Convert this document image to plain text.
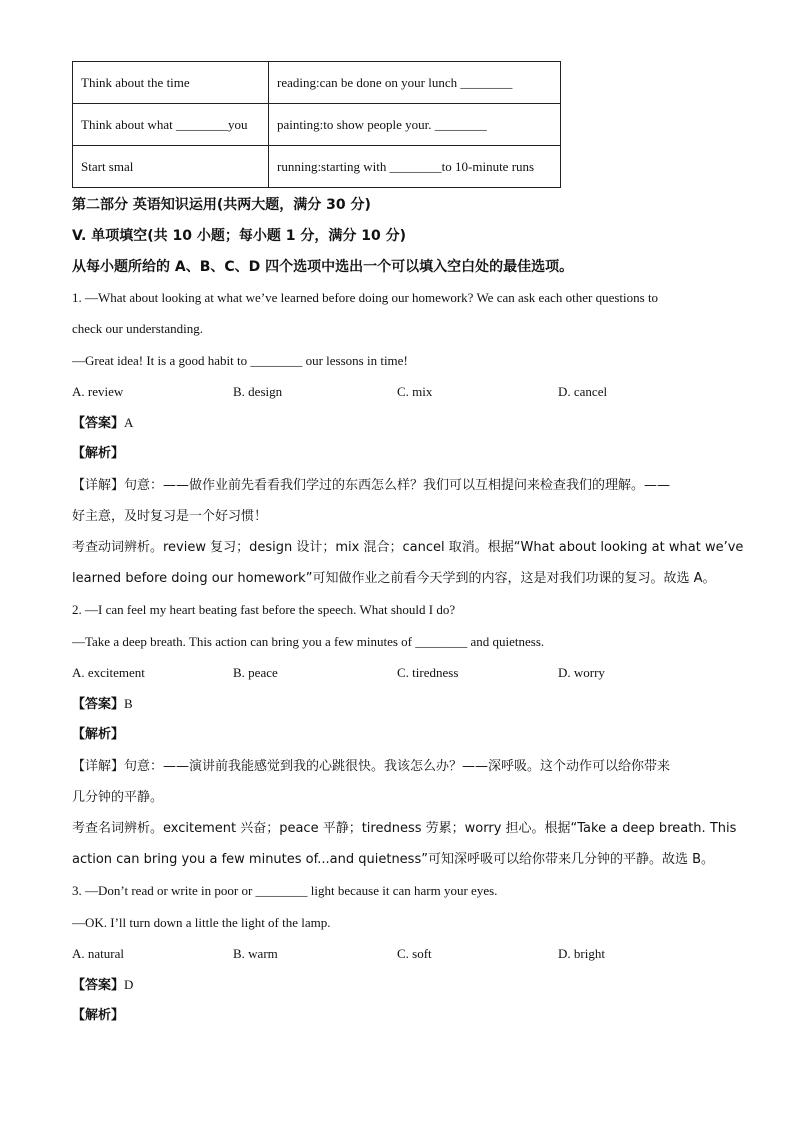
Think about the time	reading:can be done on your lunch ________
Think about what ________you	painting:to show people your. ________
Start smal	running:starting with ________to 10-minute runs
第二部分 英语知识运用(共两大题，满分 30 分)
V. 单项填空(共 10 小题；每小题 1 分，满分 10 分)
从每小题所给的 A、B、C、D 四个选项中选出一个可以填入空白处的最佳选项。
1. —What about looking at what we’ve learned before doing our homework? We can ask each other questions to
check our understanding.
—Great idea! It is a good habit to ________ our lessons in time!
A. review	B. design	C. mix	D. cancel
【答案】A
【解析】
【详解】句意：——做作业前先看看我们学过的东西怎么样？我们可以互相提问来检查我们的理解。——
好主意，及时复习是一个好习惯！
考查动词辨析。review 复习；design 设计；mix 混合；cancel 取消。根据“What about looking at what we’ve
learned before doing our homework”可知做作业之前看今天学到的内容，这是对我们功课的复习。故选 A。
2. —I can feel my heart beating fast before the speech. What should I do?
—Take a deep breath. This action can bring you a few minutes of ________ and quietness.
A. excitement	B. peace	C. tiredness	D. worry
【答案】B
【解析】
【详解】句意：——演讲前我能感觉到我的心跳很快。我该怎么办？——深呼吸。这个动作可以给你带来
几分钟的平静。
考查名词辨析。excitement 兴奋；peace 平静；tiredness 劳累；worry 担心。根据“Take a deep breath. This
action can bring you a few minutes of...and quietness”可知深呼吸可以给你带来几分钟的平静。故选 B。
3. —Don’t read or write in poor or ________ light because it can harm your eyes.
—OK. I’ll turn down a little the light of the lamp.
A. natural	B. warm	C. soft	D. bright
【答案】D
【解析】
